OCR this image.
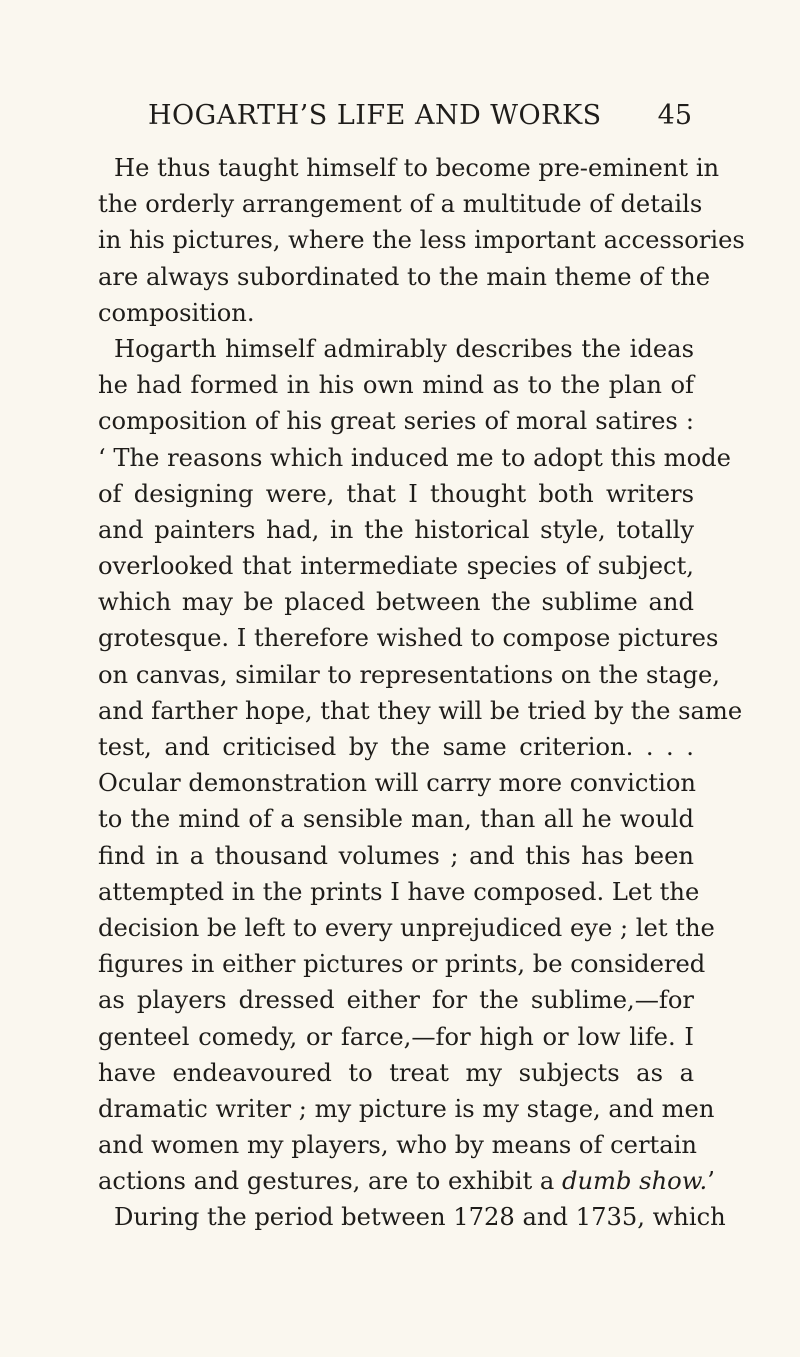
HOGARTH’S LIFE AND WORKS 45
He thus taught himself to become pre-eminent in
the orderly arrangement of a multitude of details
in his pictures, where the less important accessories
are always subordinated to the main theme of the
composition.
Hogarth himself admirably describes the ideas
he had formed in his own mind as to the plan of
composition of his great series of moral satires :
‘ The reasons which induced me to adopt this mode
of designing were, that I thought both writers
and painters had, in the historical style, totally
overlooked that intermediate species of subject,
which may be placed between the sublime and
grotesque. I therefore wished to compose pictures
on canvas, similar to representations on the stage,
and farther hope, that they will be tried by the same
test, and criticised by the same criterion. . . .
Ocular demonstration will carry more conviction
to the mind of a sensible man, than all he would
find in a thousand volumes ; and this has been
attempted in the prints I have composed. Let the
decision be left to every unprejudiced eye ; let the
figures in either pictures or prints, be considered
as players dressed either for the sublime,—for
genteel comedy, or farce,—for high or low life. I
have endeavoured to treat my subjects as a
dramatic writer ; my picture is my stage, and men
and women my players, who by means of certain
actions and gestures, are to exhibit a dumb show.’
During the period between 1728 and 1735, which
